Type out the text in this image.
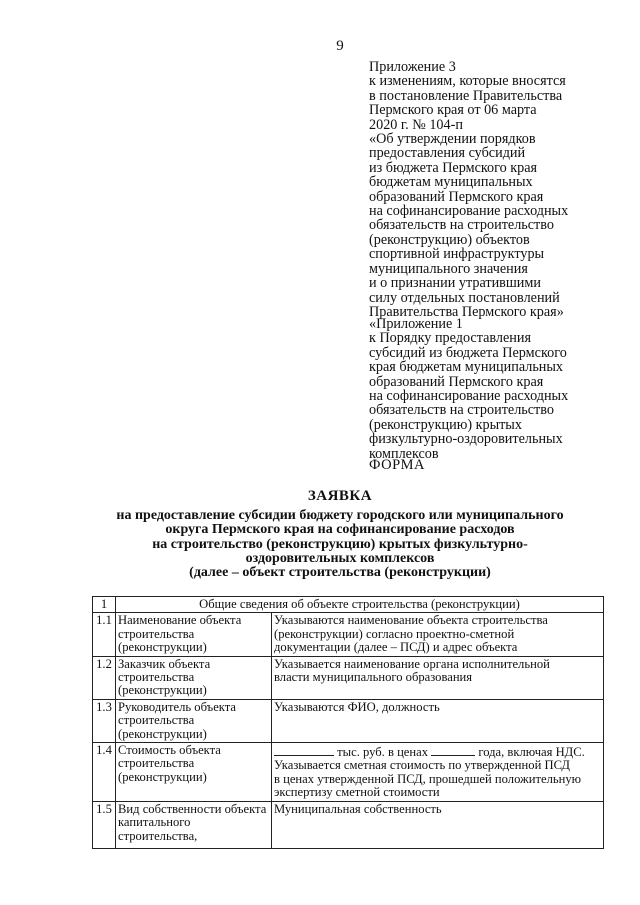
9
Приложение 3
к изменениям, которые вносятся
в постановление Правительства
Пермского края от 06 марта
2020 г. № 104-п
«Об утверждении порядков
предоставления субсидий
из бюджета Пермского края
бюджетам муниципальных
образований Пермского края
на софинансирование расходных
обязательств на строительство
(реконструкцию) объектов
спортивной инфраструктуры
муниципального значения
и о признании утратившими
силу отдельных постановлений
Правительства Пермского края»
«Приложение 1
к Порядку предоставления
субсидий из бюджета Пермского
края бюджетам муниципальных
образований Пермского края
на софинансирование расходных
обязательств на строительство
(реконструкцию) крытых
физкультурно-оздоровительных
комплексов
ФОРМА
ЗАЯВКА
на предоставление субсидии бюджету городского или муниципального
округа Пермского края на софинансирование расходов
на строительство (реконструкцию) крытых физкультурно-
оздоровительных комплексов
(далее – объект строительства (реконструкции)
1	Общие сведения об объекте строительства (реконструкции)	
1.1	Наименование объекта
строительства
(реконструкции)	Указываются наименование объекта строительства
(реконструкции) согласно проектно-сметной
документации (далее – ПСД) и адрес объекта

1.2	Заказчик объекта
строительства
(реконструкции)	Указывается наименование органа исполнительной
власти муниципального образования

1.3	Руководитель объекта
строительства
(реконструкции)	Указываются ФИО, должность

1.4	Стоимость объекта
строительства
(реконструкции)	тыс. руб. в ценах года, включая НДС.
Указывается сметная стоимость по утвержденной ПСД
в ценах утвержденной ПСД, прошедшей положительную
экспертизу сметной стоимости

1.5	Вид собственности объекта
капитального
строительства,	Муниципальная собственность
